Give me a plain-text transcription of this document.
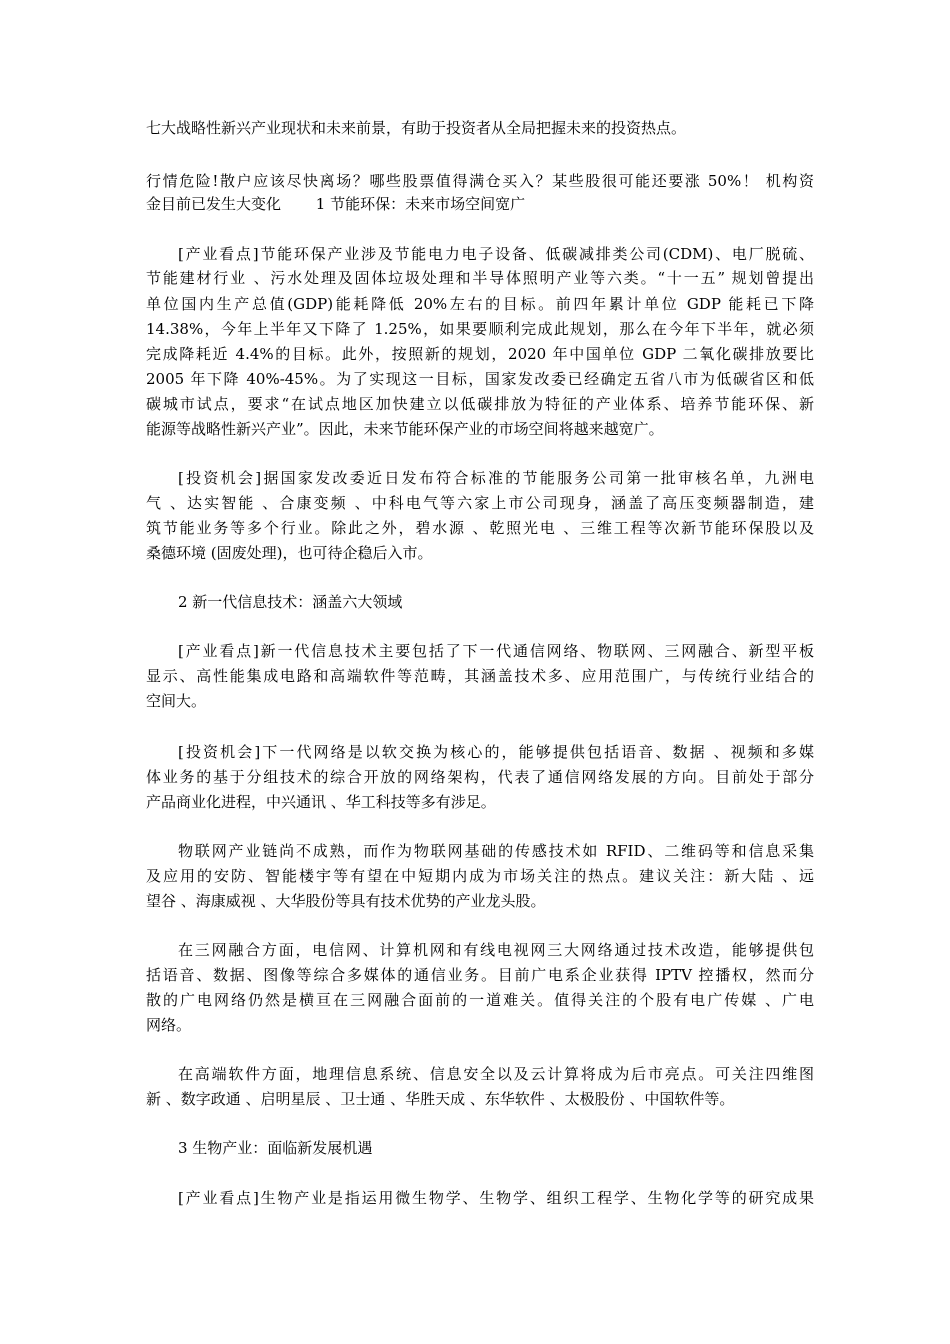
七大战略性新兴产业现状和未来前景，有助于投资者从全局把握未来的投资热点。
行情危险!散户应该尽快离场？哪些股票值得满仓买入？某些股很可能还要涨 50%！ 机构资
金目前已发生大变化　　 1 节能环保：未来市场空间宽广
[产业看点]节能环保产业涉及节能电力电子设备、低碳减排类公司(CDM)、电厂脱硫、
节能建材行业 、污水处理及固体垃圾处理和半导体照明产业等六类。“十一五” 规划曾提出
单位国内生产总值(GDP)能耗降低 20%左右的目标。前四年累计单位 GDP 能耗已下降
14.38%，今年上半年又下降了 1.25%，如果要顺利完成此规划，那么在今年下半年，就必须
完成降耗近 4.4%的目标。此外，按照新的规划，2020 年中国单位 GDP 二氧化碳排放要比
2005 年下降 40%-45%。为了实现这一目标，国家发改委已经确定五省八市为低碳省区和低
碳城市试点，要求“在试点地区加快建立以低碳排放为特征的产业体系、培养节能环保、新
能源等战略性新兴产业”。因此，未来节能环保产业的市场空间将越来越宽广。
[投资机会]据国家发改委近日发布符合标准的节能服务公司第一批审核名单，九洲电
气 、达实智能 、合康变频 、中科电气等六家上市公司现身，涵盖了高压变频器制造，建
筑节能业务等多个行业。除此之外，碧水源 、乾照光电 、三维工程等次新节能环保股以及
桑德环境 (固废处理)，也可待企稳后入市。
2 新一代信息技术：涵盖六大领域
[产业看点]新一代信息技术主要包括了下一代通信网络、物联网、三网融合、新型平板
显示、高性能集成电路和高端软件等范畴，其涵盖技术多、应用范围广，与传统行业结合的
空间大。
[投资机会]下一代网络是以软交换为核心的，能够提供包括语音、数据 、视频和多媒
体业务的基于分组技术的综合开放的网络架构，代表了通信网络发展的方向。目前处于部分
产品商业化进程，中兴通讯 、华工科技等多有涉足。
物联网产业链尚不成熟，而作为物联网基础的传感技术如 RFID、二维码等和信息采集
及应用的安防、智能楼宇等有望在中短期内成为市场关注的热点。建议关注：新大陆 、远
望谷 、海康威视 、大华股份等具有技术优势的产业龙头股。
在三网融合方面，电信网、计算机网和有线电视网三大网络通过技术改造，能够提供包
括语音、数据、图像等综合多媒体的通信业务。目前广电系企业获得 IPTV 控播权，然而分
散的广电网络仍然是横亘在三网融合面前的一道难关。值得关注的个股有电广传媒 、广电
网络。
在高端软件方面，地理信息系统、信息安全以及云计算将成为后市亮点。可关注四维图
新 、数字政通 、启明星辰 、卫士通 、华胜天成 、东华软件 、太极股份 、中国软件等。
3 生物产业：面临新发展机遇
[产业看点]生物产业是指运用微生物学、生物学、组织工程学、生物化学等的研究成果
